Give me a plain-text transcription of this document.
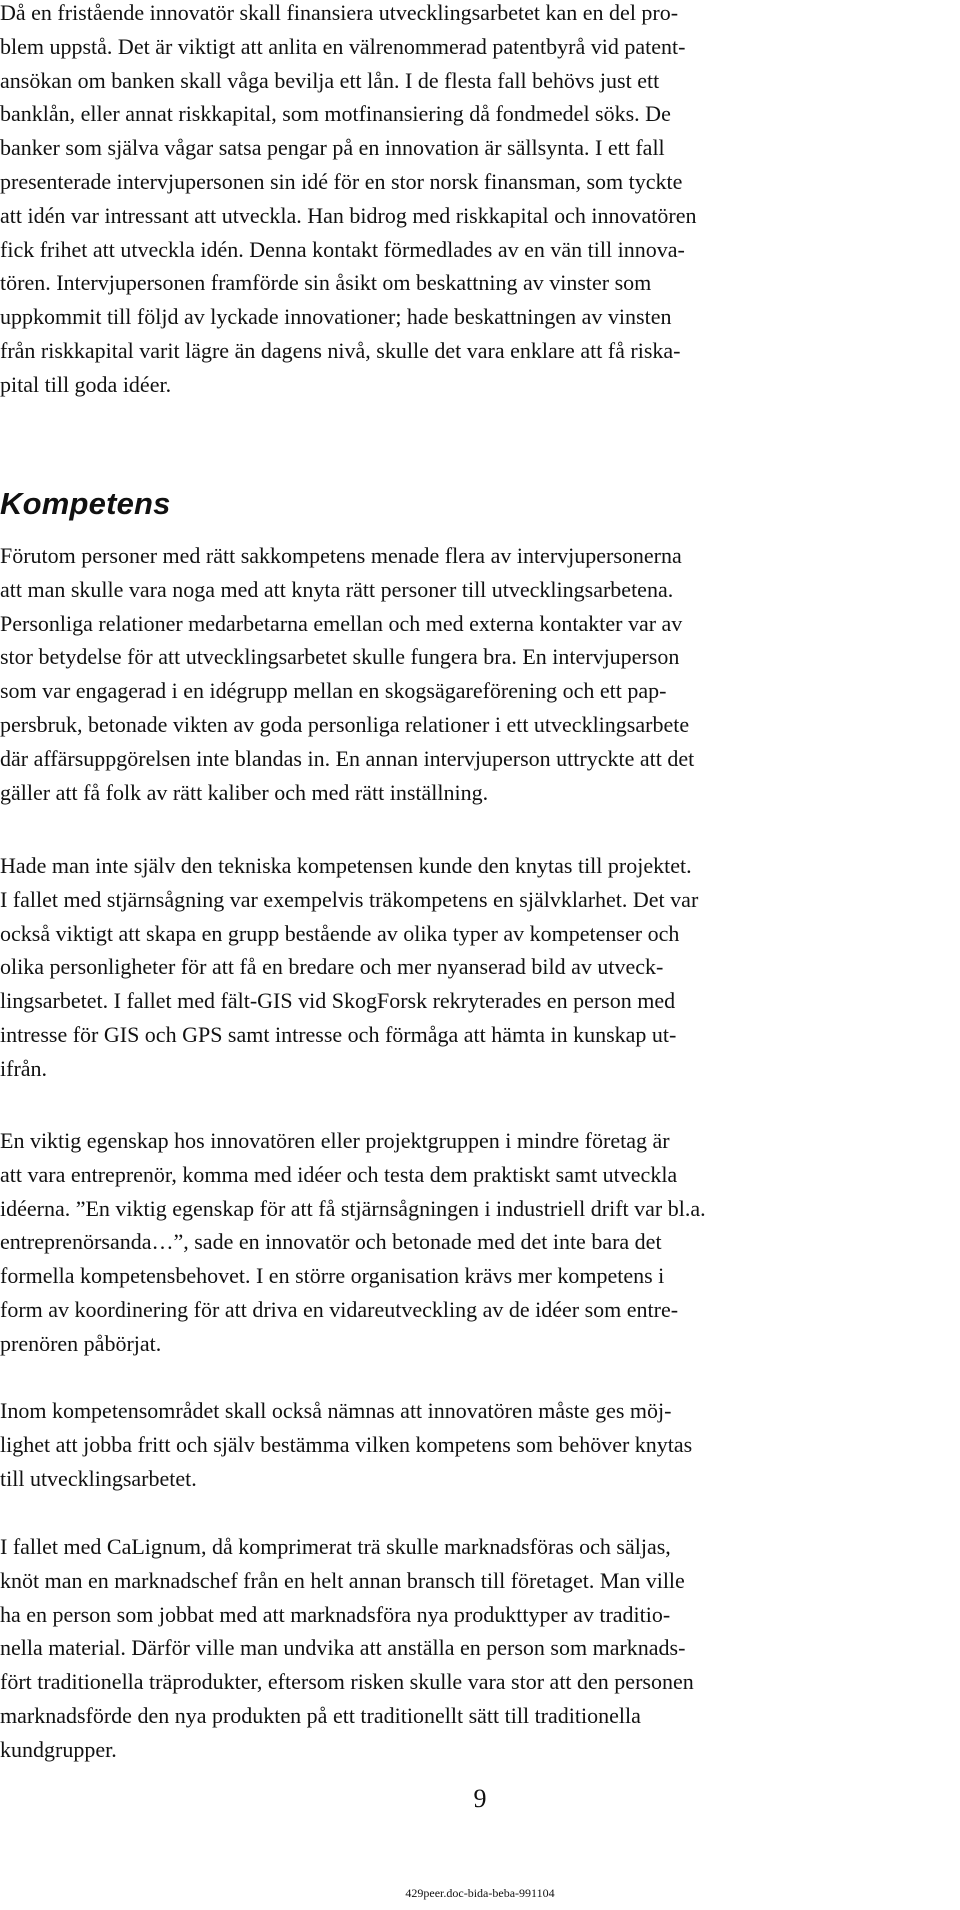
Då en fristående innovatör skall finansiera utvecklingsarbetet kan en del pro-
blem uppstå. Det är viktigt att anlita en välrenommerad patentbyrå vid patent-
ansökan om banken skall våga bevilja ett lån. I de flesta fall behövs just ett
banklån, eller annat riskkapital, som motfinansiering då fondmedel söks. De
banker som själva vågar satsa pengar på en innovation är sällsynta. I ett fall
presenterade intervjupersonen sin idé för en stor norsk finansman, som tyckte
att idén var intressant att utveckla. Han bidrog med riskkapital och innovatören
fick frihet att utveckla idén. Denna kontakt förmedlades av en vän till innova-
tören. Intervjupersonen framförde sin åsikt om beskattning av vinster som
uppkommit till följd av lyckade innovationer; hade beskattningen av vinsten
från riskkapital varit lägre än dagens nivå, skulle det vara enklare att få riska-
pital till goda idéer.
Kompetens
Förutom personer med rätt sakkompetens menade flera av intervjupersonerna
att man skulle vara noga med att knyta rätt personer till utvecklingsarbetena.
Personliga relationer medarbetarna emellan och med externa kontakter var av
stor betydelse för att utvecklingsarbetet skulle fungera bra. En intervjuperson
som var engagerad i en idégrupp mellan en skogsägareförening och ett pap-
persbruk, betonade vikten av goda personliga relationer i ett utvecklingsarbete
där affärsuppgörelsen inte blandas in. En annan intervjuperson uttryckte att det
gäller att få folk av rätt kaliber och med rätt inställning.
Hade man inte själv den tekniska kompetensen kunde den knytas till projektet.
I fallet med stjärnsågning var exempelvis träkompetens en självklarhet. Det var
också viktigt att skapa en grupp bestående av olika typer av kompetenser och
olika personligheter för att få en bredare och mer nyanserad bild av utveck-
lingsarbetet. I fallet med fält-GIS vid SkogForsk rekryterades en person med
intresse för GIS och GPS samt intresse och förmåga att hämta in kunskap ut-
ifrån.
En viktig egenskap hos innovatören eller projektgruppen i mindre företag är
att vara entreprenör, komma med idéer och testa dem praktiskt samt utveckla
idéerna. ”En viktig egenskap för att få stjärnsågningen i industriell drift var bl.a.
entreprenörsanda…”, sade en innovatör och betonade med det inte bara det
formella kompetensbehovet. I en större organisation krävs mer kompetens i
form av koordinering för att driva en vidareutveckling av de idéer som entre-
prenören påbörjat.
Inom kompetensområdet skall också nämnas att innovatören måste ges möj-
lighet att jobba fritt och själv bestämma vilken kompetens som behöver knytas
till utvecklingsarbetet.
I fallet med CaLignum, då komprimerat trä skulle marknadsföras och säljas,
knöt man en marknadschef från en helt annan bransch till företaget. Man ville
ha en person som jobbat med att marknadsföra nya produkttyper av traditio-
nella material. Därför ville man undvika att anställa en person som marknads-
fört traditionella träprodukter, eftersom risken skulle vara stor att den personen
marknadsförde den nya produkten på ett traditionellt sätt till traditionella
kundgrupper.
9
429peer.doc-bida-beba-991104
